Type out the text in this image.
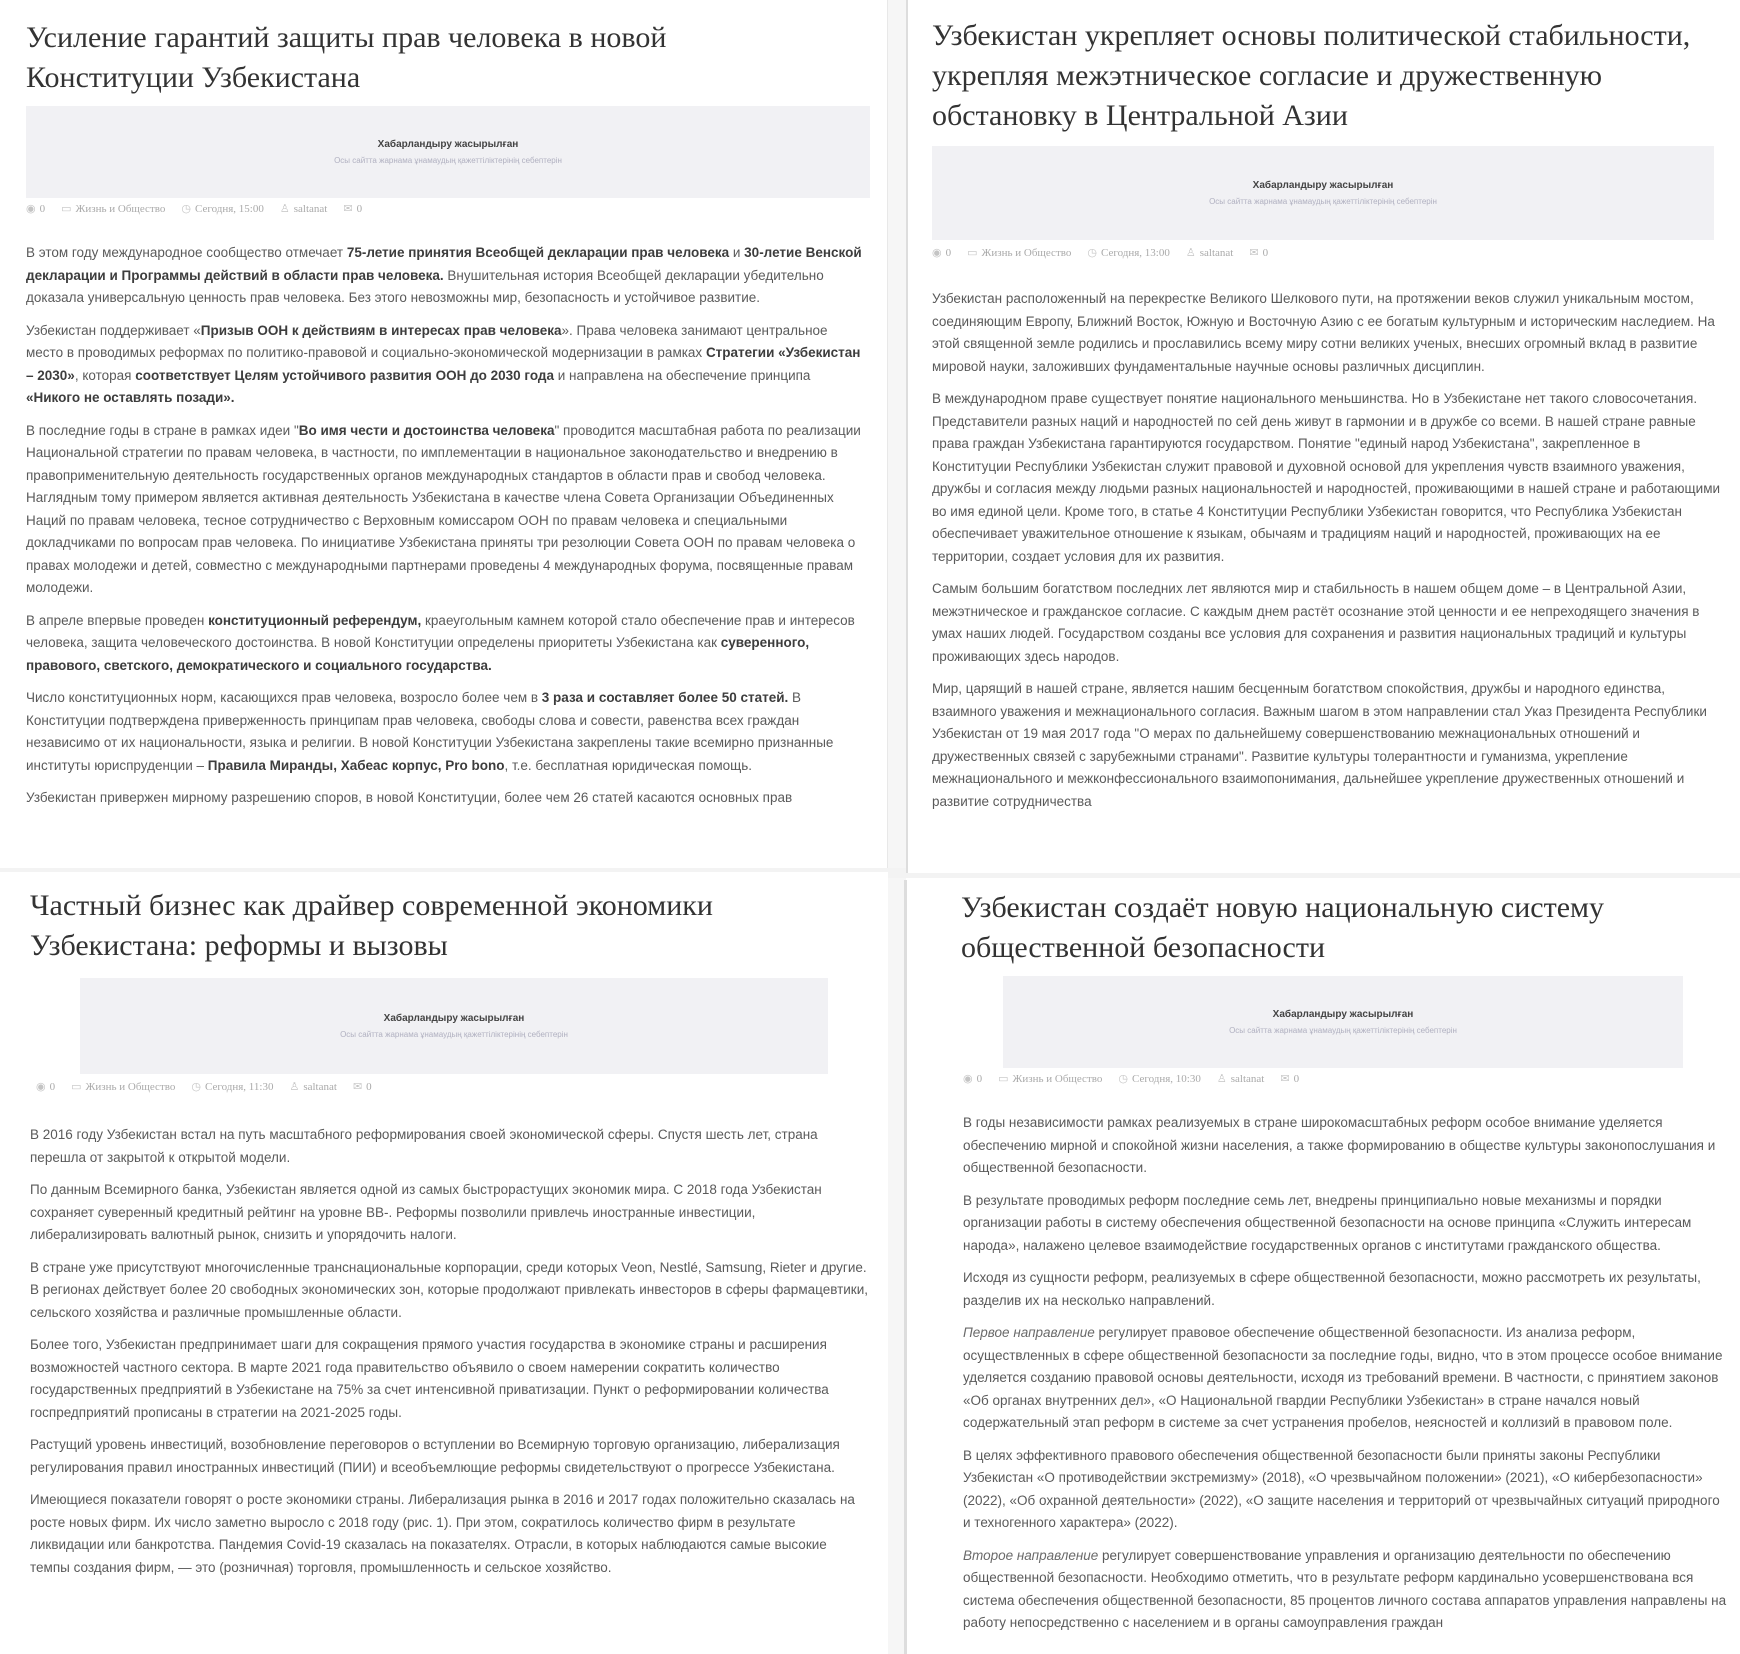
Усиление гарантий защиты прав человека в новой Конституции Узбекистана
Хабарландыру жасырылған
Осы сайтта жарнама ұнамаудың қажеттіліктерінің себептерін
◉ 0 ▭ Жизнь и Общество ◷ Сегодня, 15:00 ♙ saltanat ✉ 0

В этом году международное сообщество отмечает 75-летие принятия Всеобщей декларации прав человека и 30-летие Венской декларации и Программы действий в области прав человека. Внушительная история Всеобщей декларации убедительно доказала универсальную ценность прав человека. Без этого невозможны мир, безопасность и устойчивое развитие.

Узбекистан поддерживает «Призыв ООН к действиям в интересах прав человека». Права человека занимают центральное место в проводимых реформах по политико-правовой и социально-экономической модернизации в рамках Стратегии «Узбекистан – 2030», которая соответствует Целям устойчивого развития ООН до 2030 года и направлена на обеспечение принципа «Никого не оставлять позади».

В последние годы в стране в рамках идеи "Во имя чести и достоинства человека" проводится масштабная работа по реализации Национальной стратегии по правам человека, в частности, по имплементации в национальное законодательство и внедрению в правоприменительную деятельность государственных органов международных стандартов в области прав и свобод человека. Наглядным тому примером является активная деятельность Узбекистана в качестве члена Совета Организации Объединенных Наций по правам человека, тесное сотрудничество с Верховным комиссаром ООН по правам человека и специальными докладчиками по вопросам прав человека. По инициативе Узбекистана приняты три резолюции Совета ООН по правам человека о правах молодежи и детей, совместно с международными партнерами проведены 4 международных форума, посвященные правам молодежи.

В апреле впервые проведен конституционный референдум, краеугольным камнем которой стало обеспечение прав и интересов человека, защита человеческого достоинства. В новой Конституции определены приоритеты Узбекистана как суверенного, правового, светского, демократического и социального государства.

Число конституционных норм, касающихся прав человека, возросло более чем в 3 раза и составляет более 50 статей. В Конституции подтверждена приверженность принципам прав человека, свободы слова и совести, равенства всех граждан независимо от их национальности, языка и религии. В новой Конституции Узбекистана закреплены такие всемирно признанные институты юриспруденции – Правила Миранды, Хабеас корпус, Pro bono, т.е. бесплатная юридическая помощь.

Узбекистан привержен мирному разрешению споров, в новой Конституции, более чем 26 статей касаются основных прав

Узбекистан укрепляет основы политической стабильности, укрепляя межэтническое согласие и дружественную обстановку в Центральной Азии
Хабарландыру жасырылған
Осы сайтта жарнама ұнамаудың қажеттіліктерінің себептерін
◉ 0 ▭ Жизнь и Общество ◷ Сегодня, 13:00 ♙ saltanat ✉ 0

Узбекистан расположенный на перекрестке Великого Шелкового пути, на протяжении веков служил уникальным мостом, соединяющим Европу, Ближний Восток, Южную и Восточную Азию с ее богатым культурным и историческим наследием. На этой священной земле родились и прославились всему миру сотни великих ученых, внесших огромный вклад в развитие мировой науки, заложивших фундаментальные научные основы различных дисциплин.

В международном праве существует понятие национального меньшинства. Но в Узбекистане нет такого словосочетания. Представители разных наций и народностей по сей день живут в гармонии и в дружбе со всеми. В нашей стране равные права граждан Узбекистана гарантируются государством. Понятие "единый народ Узбекистана", закрепленное в Конституции Республики Узбекистан служит правовой и духовной основой для укрепления чувств взаимного уважения, дружбы и согласия между людьми разных национальностей и народностей, проживающими в нашей стране и работающими во имя единой цели. Кроме того, в статье 4 Конституции Республики Узбекистан говорится, что Республика Узбекистан обеспечивает уважительное отношение к языкам, обычаям и традициям наций и народностей, проживающих на ее территории, создает условия для их развития.

Самым большим богатством последних лет являются мир и стабильность в нашем общем доме – в Центральной Азии, межэтническое и гражданское согласие. С каждым днем растёт осознание этой ценности и ее непреходящего значения в умах наших людей. Государством созданы все условия для сохранения и развития национальных традиций и культуры проживающих здесь народов.

Мир, царящий в нашей стране, является нашим бесценным богатством спокойствия, дружбы и народного единства, взаимного уважения и межнационального согласия. Важным шагом в этом направлении стал Указ Президента Республики Узбекистан от 19 мая 2017 года "О мерах по дальнейшему совершенствованию межнациональных отношений и дружественных связей с зарубежными странами". Развитие культуры толерантности и гуманизма, укрепление межнационального и межконфессионального взаимопонимания, дальнейшее укрепление дружественных отношений и развитие сотрудничества

Частный бизнес как драйвер современной экономики Узбекистана: реформы и вызовы
Хабарландыру жасырылған
Осы сайтта жарнама ұнамаудың қажеттіліктерінің себептерін
◉ 0 ▭ Жизнь и Общество ◷ Сегодня, 11:30 ♙ saltanat ✉ 0

В 2016 году Узбекистан встал на путь масштабного реформирования своей экономической сферы. Спустя шесть лет, страна перешла от закрытой к открытой модели.

По данным Всемирного банка, Узбекистан является одной из самых быстрорастущих экономик мира. С 2018 года Узбекистан сохраняет суверенный кредитный рейтинг на уровне BB-. Реформы позволили привлечь иностранные инвестиции, либерализировать валютный рынок, снизить и упорядочить налоги.

В стране уже присутствуют многочисленные транснациональные корпорации, среди которых Veon, Nestlé, Samsung, Rieter и другие. В регионах действует более 20 свободных экономических зон, которые продолжают привлекать инвесторов в сферы фармацевтики, сельского хозяйства и различные промышленные области.

Более того, Узбекистан предпринимает шаги для сокращения прямого участия государства в экономике страны и расширения возможностей частного сектора. В марте 2021 года правительство объявило о своем намерении сократить количество государственных предприятий в Узбекистане на 75% за счет интенсивной приватизации. Пункт о реформировании количества госпредприятий прописаны в стратегии на 2021-2025 годы.

Растущий уровень инвестиций, возобновление переговоров о вступлении во Всемирную торговую организацию, либерализация регулирования правил иностранных инвестиций (ПИИ) и всеобъемлющие реформы свидетельствуют о прогрессе Узбекистана.

Имеющиеся показатели говорят о росте экономики страны. Либерализация рынка в 2016 и 2017 годах положительно сказалась на росте новых фирм. Их число заметно выросло с 2018 году (рис. 1). При этом, сократилось количество фирм в результате ликвидации или банкротства. Пандемия Covid-19 сказалась на показателях. Отрасли, в которых наблюдаются самые высокие темпы создания фирм, — это (розничная) торговля, промышленность и сельское хозяйство.

Узбекистан создаёт новую национальную систему общественной безопасности
Хабарландыру жасырылған
Осы сайтта жарнама ұнамаудың қажеттіліктерінің себептерін
◉ 0 ▭ Жизнь и Общество ◷ Сегодня, 10:30 ♙ saltanat ✉ 0

В годы независимости рамках реализуемых в стране широкомасштабных реформ особое внимание уделяется обеспечению мирной и спокойной жизни населения, а также формированию в обществе культуры законопослушания и общественной безопасности.

В результате проводимых реформ последние семь лет, внедрены принципиально новые механизмы и порядки организации работы в систему обеспечения общественной безопасности на основе принципа «Служить интересам народа», налажено целевое взаимодействие государственных органов с институтами гражданского общества.

Исходя из сущности реформ, реализуемых в сфере общественной безопасности, можно рассмотреть их результаты, разделив их на несколько направлений.

Первое направление регулирует правовое обеспечение общественной безопасности. Из анализа реформ, осуществленных в сфере общественной безопасности за последние годы, видно, что в этом процессе особое внимание уделяется созданию правовой основы деятельности, исходя из требований времени. В частности, с принятием законов «Об органах внутренних дел», «О Национальной гвардии Республики Узбекистан» в стране начался новый содержательный этап реформ в системе за счет устранения пробелов, неясностей и коллизий в правовом поле.

В целях эффективного правового обеспечения общественной безопасности были приняты законы Республики Узбекистан «О противодействии экстремизму» (2018), «О чрезвычайном положении» (2021), «О кибербезопасности» (2022), «Об охранной деятельности» (2022), «О защите населения и территорий от чрезвычайных ситуаций природного и техногенного характера» (2022).

Второе направление регулирует совершенствование управления и организацию деятельности по обеспечению общественной безопасности. Необходимо отметить, что в результате реформ кардинально усовершенствована вся система обеспечения общественной безопасности, 85 процентов личного состава аппаратов управления направлены на работу непосредственно с населением и в органы самоуправления граждан
